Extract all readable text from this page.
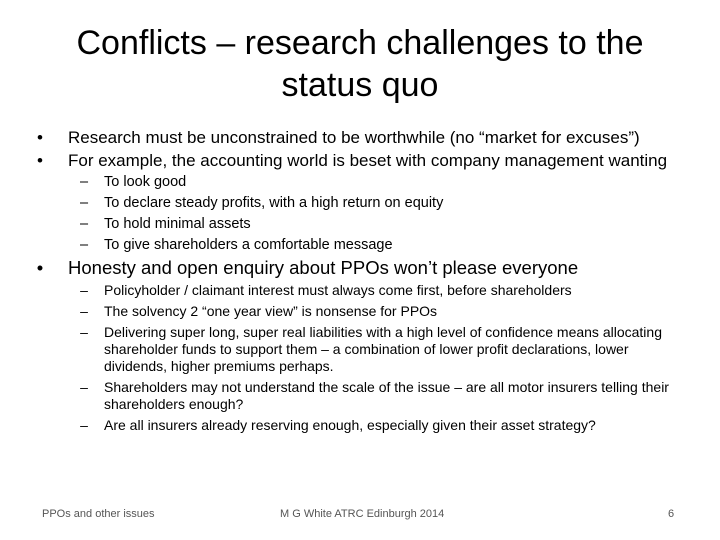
Conflicts – research challenges to the status quo
•	Research must be unconstrained to be worthwhile (no “market for excuses”)
•	For example, the accounting world is beset with company management wanting
– To look good
– To declare steady profits, with a high return on equity
– To hold minimal assets
– To give shareholders a comfortable message
•	Honesty and open enquiry about PPOs won’t please everyone
– Policyholder / claimant interest must always come first, before shareholders
– The solvency 2 “one year view” is nonsense for PPOs
– Delivering super long, super real liabilities with a high level of confidence means allocating shareholder funds to support them – a combination of lower profit declarations, lower dividends, higher premiums perhaps.
– Shareholders may not understand the scale of the issue – are all motor insurers telling their shareholders enough?
– Are all insurers already reserving enough, especially given their asset strategy?
PPOs and other issues	M G White ATRC Edinburgh 2014	6
